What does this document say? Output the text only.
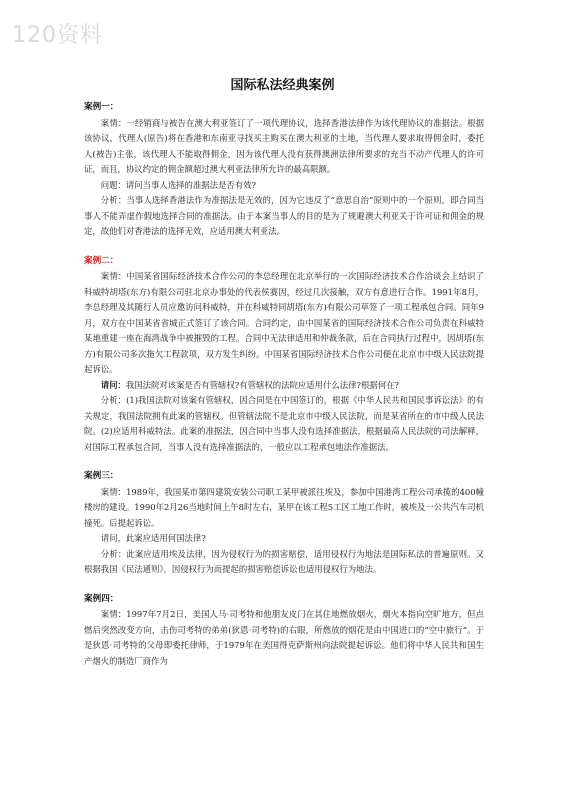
120资料
国际私法经典案例
案例一：

案情：一经销商与被告在澳大利亚签订了一项代理协议，选择香港法律作为该代理协议的准据法。根据该协议，代理人(原告)将在香港和东南亚寻找买主购买在澳大利亚的土地，当代理人要求取得佣金时，委托人(被告)主张，该代理人不能取得佣金，因为该代理人没有获得澳洲法律所要求的充当不动产代理人的许可证，而且，协议约定的佣金额超过澳大利亚法律所允许的最高限额。

问题：请问当事人选择的准据法是否有效?

分析：当事人选择香港法作为准据法是无效的，因为它违反了“意思自治”原则中的一个原则，即合同当事人不能弄虚作假地选择合同的准据法。由于本案当事人的目的是为了规避澳大利亚关于许可证和佣金的规定，故他们对香港法的选择无效，应适用澳大利亚法。

案例二：

案情：中国某省国际经济技术合作公司的李总经理在北京举行的一次国际经济技术合作洽谈会上结识了科威特胡塔(东方)有限公司驻北京办事处的代表侯赛因，经过几次接触，双方有意进行合作。1991年8月，李总经理及其随行人员应邀访问科威特，并在科威特同胡塔(东方)有限公司草签了一项工程承包合同。同年9月，双方在中国某省省城正式签订了该合同。合同约定，由中国某省的国际经济技术合作公司负责在科威特某地重建一座在海湾战争中被摧毁的工程。合同中无法律适用和仲裁条款，后在合同执行过程中，因胡塔(东方)有限公司多次拖欠工程款项，双方发生纠纷。中国某省国际经济技术合作公司便在北京市中级人民法院提起诉讼。

请问：我国法院对该案是否有管辖权?有管辖权的法院应适用什么法律?根据何在?

分析：(1)我国法院对该案有管辖权，因合同是在中国签订的，根据《中华人民共和国民事诉讼法》的有关规定，我国法院拥有此案的管辖权。但管辖法院不是北京市中级人民法院，而是某省所在的市中级人民法院。(2)应适用科威特法。此案的准据法，因合同中当事人没有选择准据法，根据最高人民法院的司法解释，对国际工程承包合同，当事人没有选择准据法的，一般应以工程承包地法作准据法。

案例三：

案情：1989年，我国某市第四建筑安装公司职工某甲被派往埃及，参加中国港湾工程公司承揽的400幢楼房的建设。1990年2月26当地时间上午8时左右，某甲在该工程5工区工地工作时，被埃及一公共汽车司机撞死。后提起诉讼。

请问，此案应适用何国法律?

分析：此案应适用埃及法律，因为侵权行为的损害赔偿，适用侵权行为地法是国际私法的普遍原则。又根据我国《民法通则》，因侵权行为而提起的损害赔偿诉讼也适用侵权行为地法。

案例四：

案情：1997年7月2日，美国人马·司考特和他朋友皮门在其住地燃放烟火，烟火本指向空旷地方，但点燃后突然改变方向，击伤司考特的弟弟(狄恩·司考特)的右眼，所燃放的烟花是由中国进口的“空中旅行”。于是狄恩·司考特的父母即委托律师，于1979年在美国得克萨斯州向法院提起诉讼。他们将中华人民共和国生产烟火的制造厂商作为
